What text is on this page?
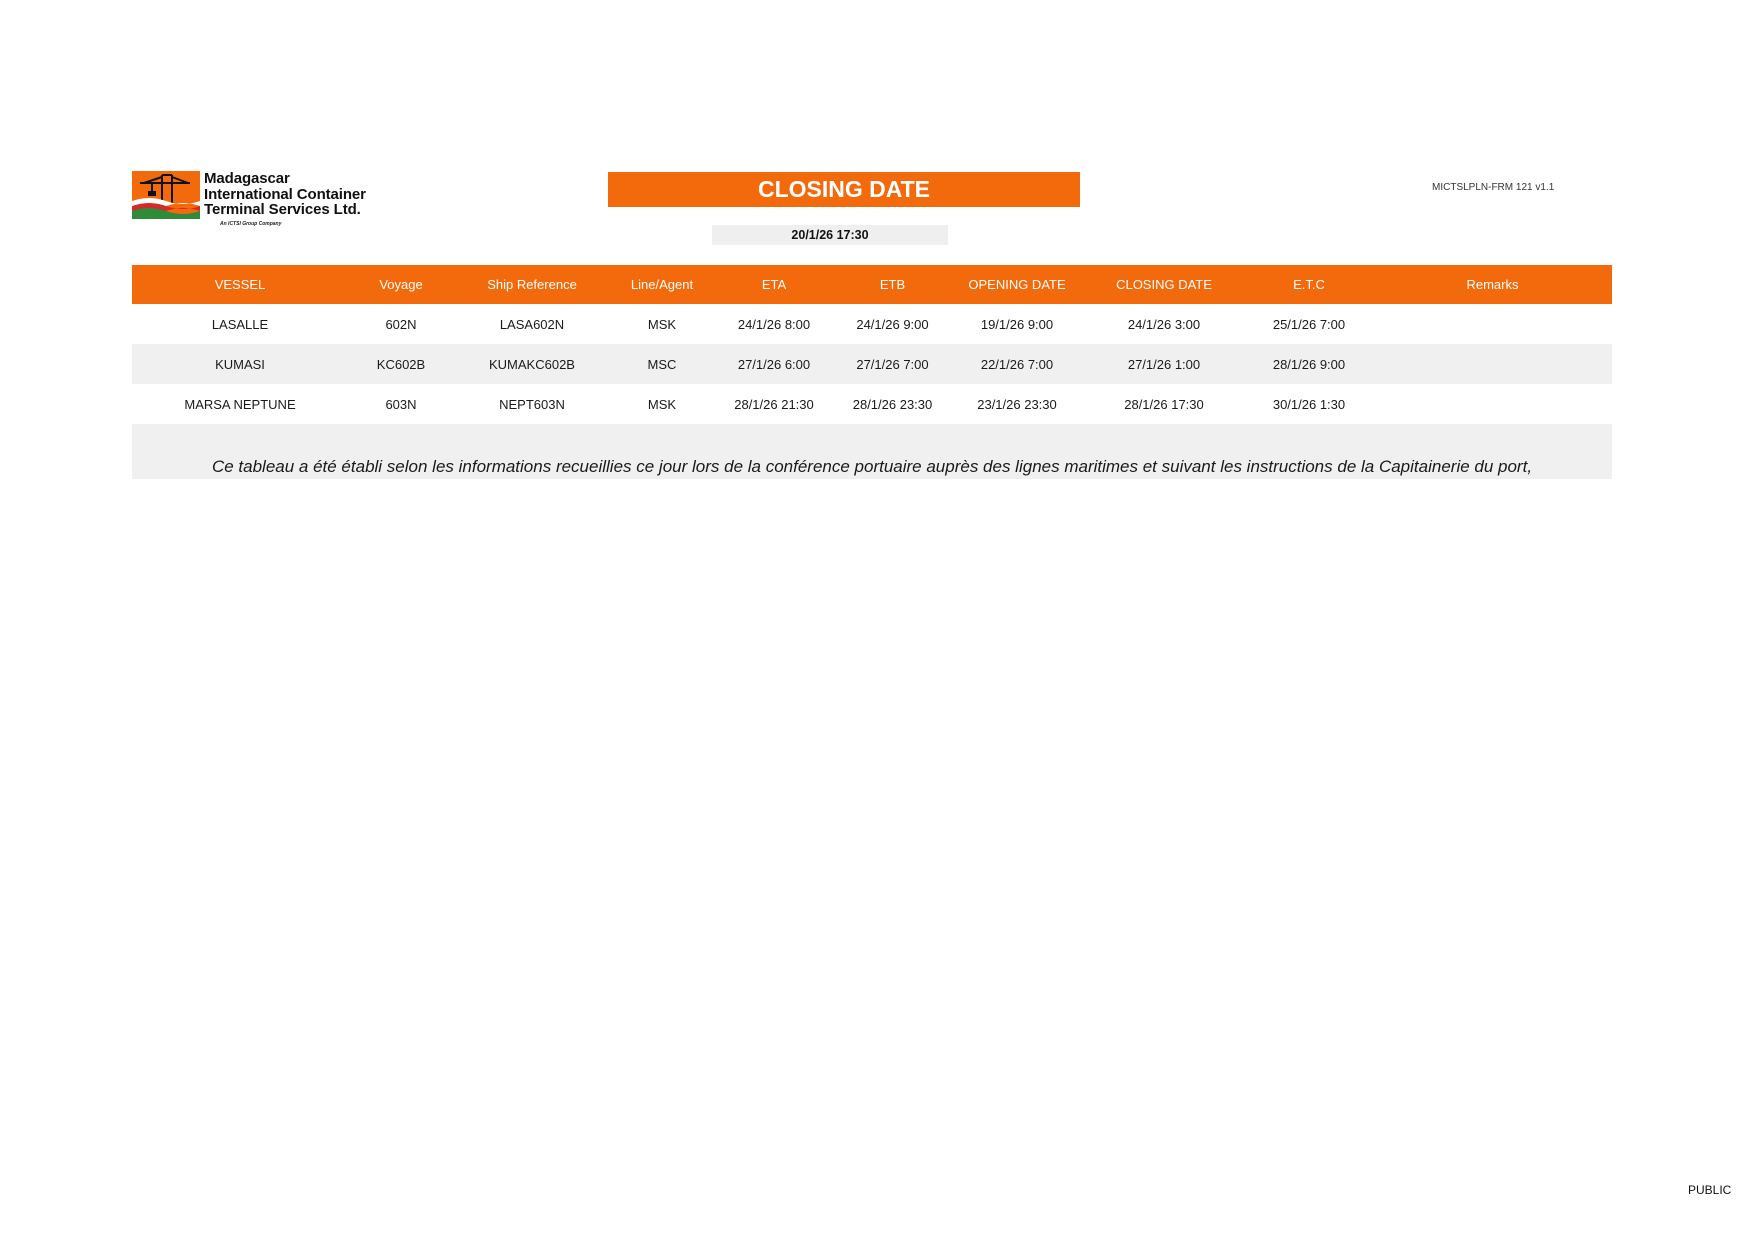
Madagascar
International Container
Terminal Services Ltd.
An ICTSI Group Company
CLOSING DATE
20/1/26 17:30
MICTSLPLN-FRM 121 v1.1
VESSEL	Voyage	Ship Reference	Line/Agent	ETA	ETB	OPENING DATE	CLOSING DATE	E.T.C	Remarks
LASALLE	602N	LASA602N	MSK	24/1/26 8:00	24/1/26 9:00	19/1/26 9:00	24/1/26 3:00	25/1/26 7:00	
KUMASI	KC602B	KUMAKC602B	MSC	27/1/26 6:00	27/1/26 7:00	22/1/26 7:00	27/1/26 1:00	28/1/26 9:00	
MARSA NEPTUNE	603N	NEPT603N	MSK	28/1/26 21:30	28/1/26 23:30	23/1/26 23:30	28/1/26 17:30	30/1/26 1:30	
Ce tableau a été établi selon les informations recueillies ce jour lors de la conférence portuaire auprès des lignes maritimes et suivant les instructions de la Capitainerie du port,
PUBLIC
